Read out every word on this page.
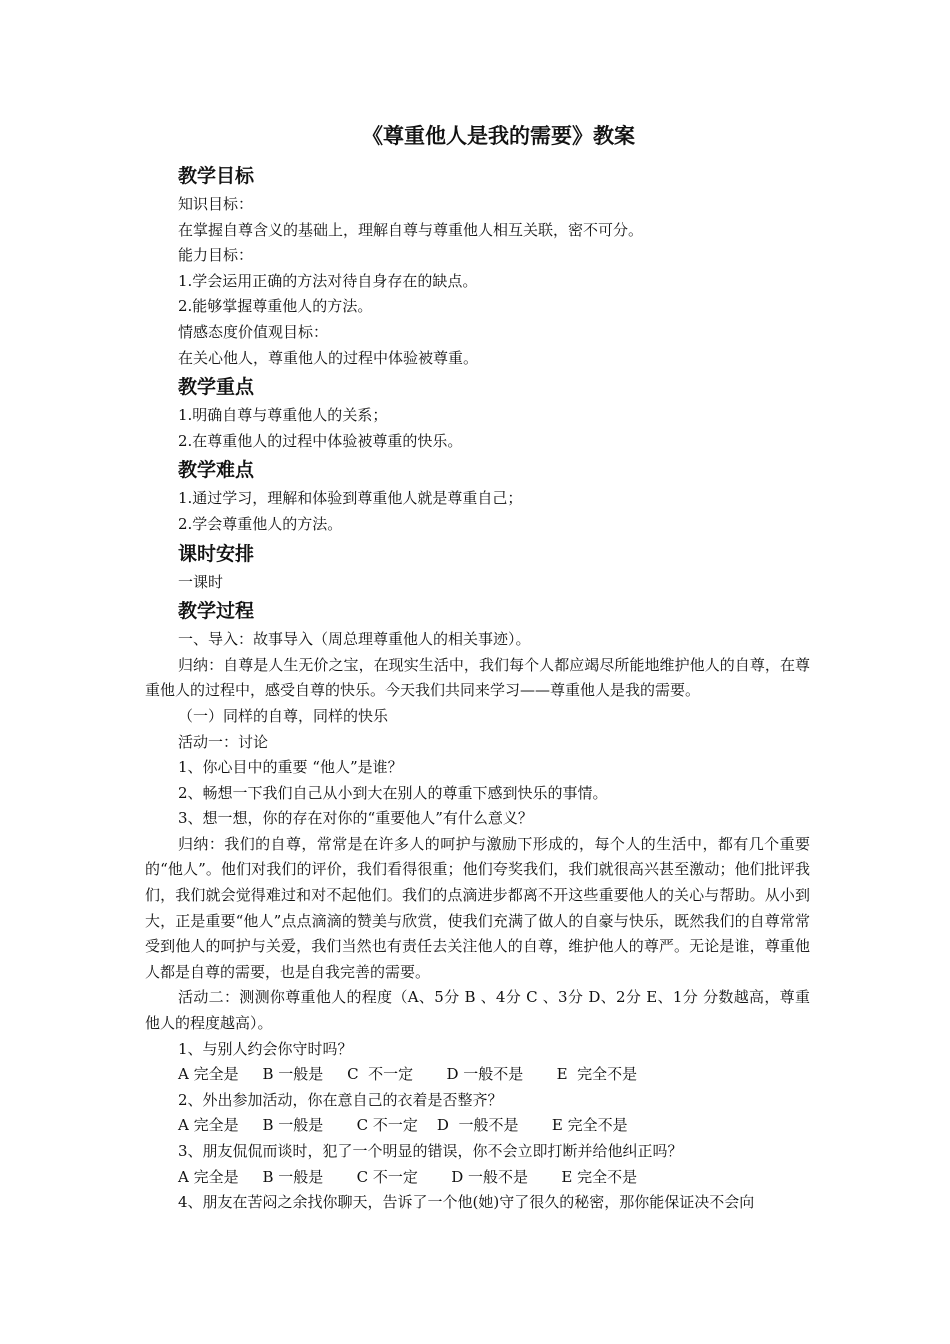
《尊重他人是我的需要》教案
教学目标

知识目标：

在掌握自尊含义的基础上，理解自尊与尊重他人相互关联，密不可分。

能力目标：

1.学会运用正确的方法对待自身存在的缺点。

2.能够掌握尊重他人的方法。

情感态度价值观目标：

在关心他人，尊重他人的过程中体验被尊重。

教学重点

1.明确自尊与尊重他人的关系；

2.在尊重他人的过程中体验被尊重的快乐。

教学难点

1.通过学习，理解和体验到尊重他人就是尊重自己；

2.学会尊重他人的方法。

课时安排

一课时

教学过程

一、导入：故事导入（周总理尊重他人的相关事迹）。

归纳：自尊是人生无价之宝，在现实生活中，我们每个人都应竭尽所能地维护他人的自尊，在尊重他人的过程中，感受自尊的快乐。今天我们共同来学习——尊重他人是我的需要。

（一）同样的自尊，同样的快乐

活动一：讨论

1、你心目中的重要 “他人”是谁？

2、畅想一下我们自己从小到大在别人的尊重下感到快乐的事情。

3、想一想，你的存在对你的“重要他人”有什么意义？

归纳：我们的自尊，常常是在许多人的呵护与激励下形成的，每个人的生活中，都有几个重要的“他人”。他们对我们的评价，我们看得很重；他们夸奖我们，我们就很高兴甚至激动；他们批评我们，我们就会觉得难过和对不起他们。我们的点滴进步都离不开这些重要他人的关心与帮助。从小到大，正是重要“他人”点点滴滴的赞美与欣赏，使我们充满了做人的自豪与快乐，既然我们的自尊常常受到他人的呵护与关爱，我们当然也有责任去关注他人的自尊，维护他人的尊严。无论是谁，尊重他人都是自尊的需要，也是自我完善的需要。

活动二：测测你尊重他人的程度（A、5分 B 、4分 C 、3分 D、2分 E、1分 分数越高，尊重他人的程度越高）。

1、与别人约会你守时吗？

A 完全是     B 一般是     C  不一定       D 一般不是       E  完全不是

2、外出参加活动，你在意自己的衣着是否整齐？

A 完全是     B 一般是       C 不一定    D  一般不是       E 完全不是

3、朋友侃侃而谈时，犯了一个明显的错误，你不会立即打断并给他纠正吗？

A 完全是     B 一般是       C 不一定       D 一般不是       E 完全不是

4、朋友在苦闷之余找你聊天，告诉了一个他(她)守了很久的秘密，那你能保证决不会向
